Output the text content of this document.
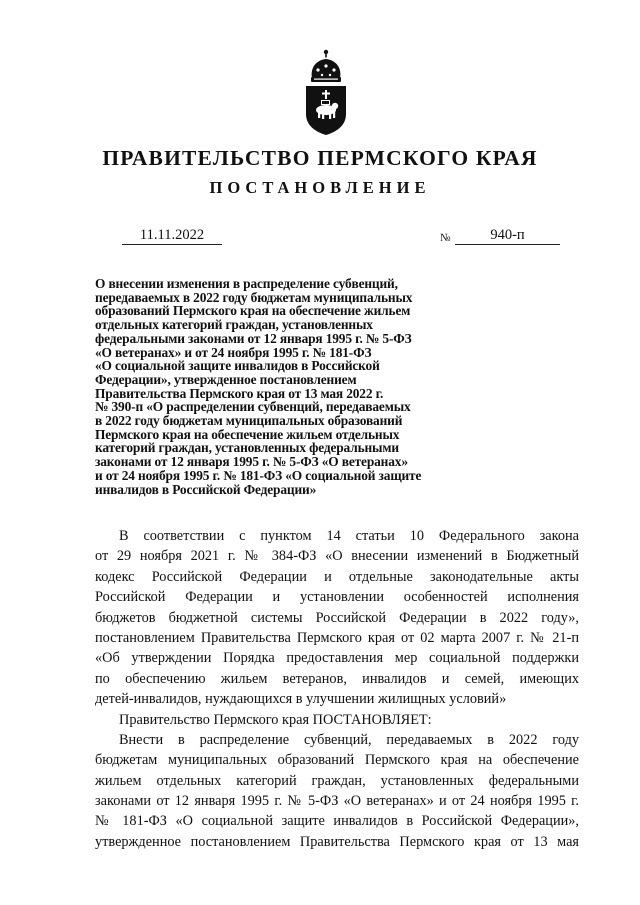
ПРАВИТЕЛЬСТВО ПЕРМСКОГО КРАЯ
ПОСТАНОВЛЕНИЕ
11.11.2022	№	940-п
О внесении изменения в распределение субвенций,
передаваемых в 2022 году бюджетам муниципальных
образований Пермского края на обеспечение жильем
отдельных категорий граждан, установленных
федеральными законами от 12 января 1995 г. № 5-ФЗ
«О ветеранах» и от 24 ноября 1995 г. № 181-ФЗ
«О социальной защите инвалидов в Российской
Федерации», утвержденное постановлением
Правительства Пермского края от 13 мая 2022 г.
№ 390-п «О распределении субвенций, передаваемых
в 2022 году бюджетам муниципальных образований
Пермского края на обеспечение жильем отдельных
категорий граждан, установленных федеральными
законами от 12 января 1995 г. № 5-ФЗ «О ветеранах»
и от 24 ноября 1995 г. № 181-ФЗ «О социальной защите
инвалидов в Российской Федерации»
В соответствии с пунктом 14 статьи 10 Федерального закона
от 29 ноября 2021 г. № 384-ФЗ «О внесении изменений в Бюджетный
кодекс Российской Федерации и отдельные законодательные акты
Российской Федерации и установлении особенностей исполнения
бюджетов бюджетной системы Российской Федерации в 2022 году»,
постановлением Правительства Пермского края от 02 марта 2007 г. № 21-п
«Об утверждении Порядка предоставления мер социальной поддержки
по обеспечению жильем ветеранов, инвалидов и семей, имеющих
детей-инвалидов, нуждающихся в улучшении жилищных условий»
Правительство Пермского края ПОСТАНОВЛЯЕТ:
Внести в распределение субвенций, передаваемых в 2022 году
бюджетам муниципальных образований Пермского края на обеспечение
жильем отдельных категорий граждан, установленных федеральными
законами от 12 января 1995 г. № 5-ФЗ «О ветеранах» и от 24 ноября 1995 г.
№ 181-ФЗ «О социальной защите инвалидов в Российской Федерации»,
утвержденное постановлением Правительства Пермского края от 13 мая
